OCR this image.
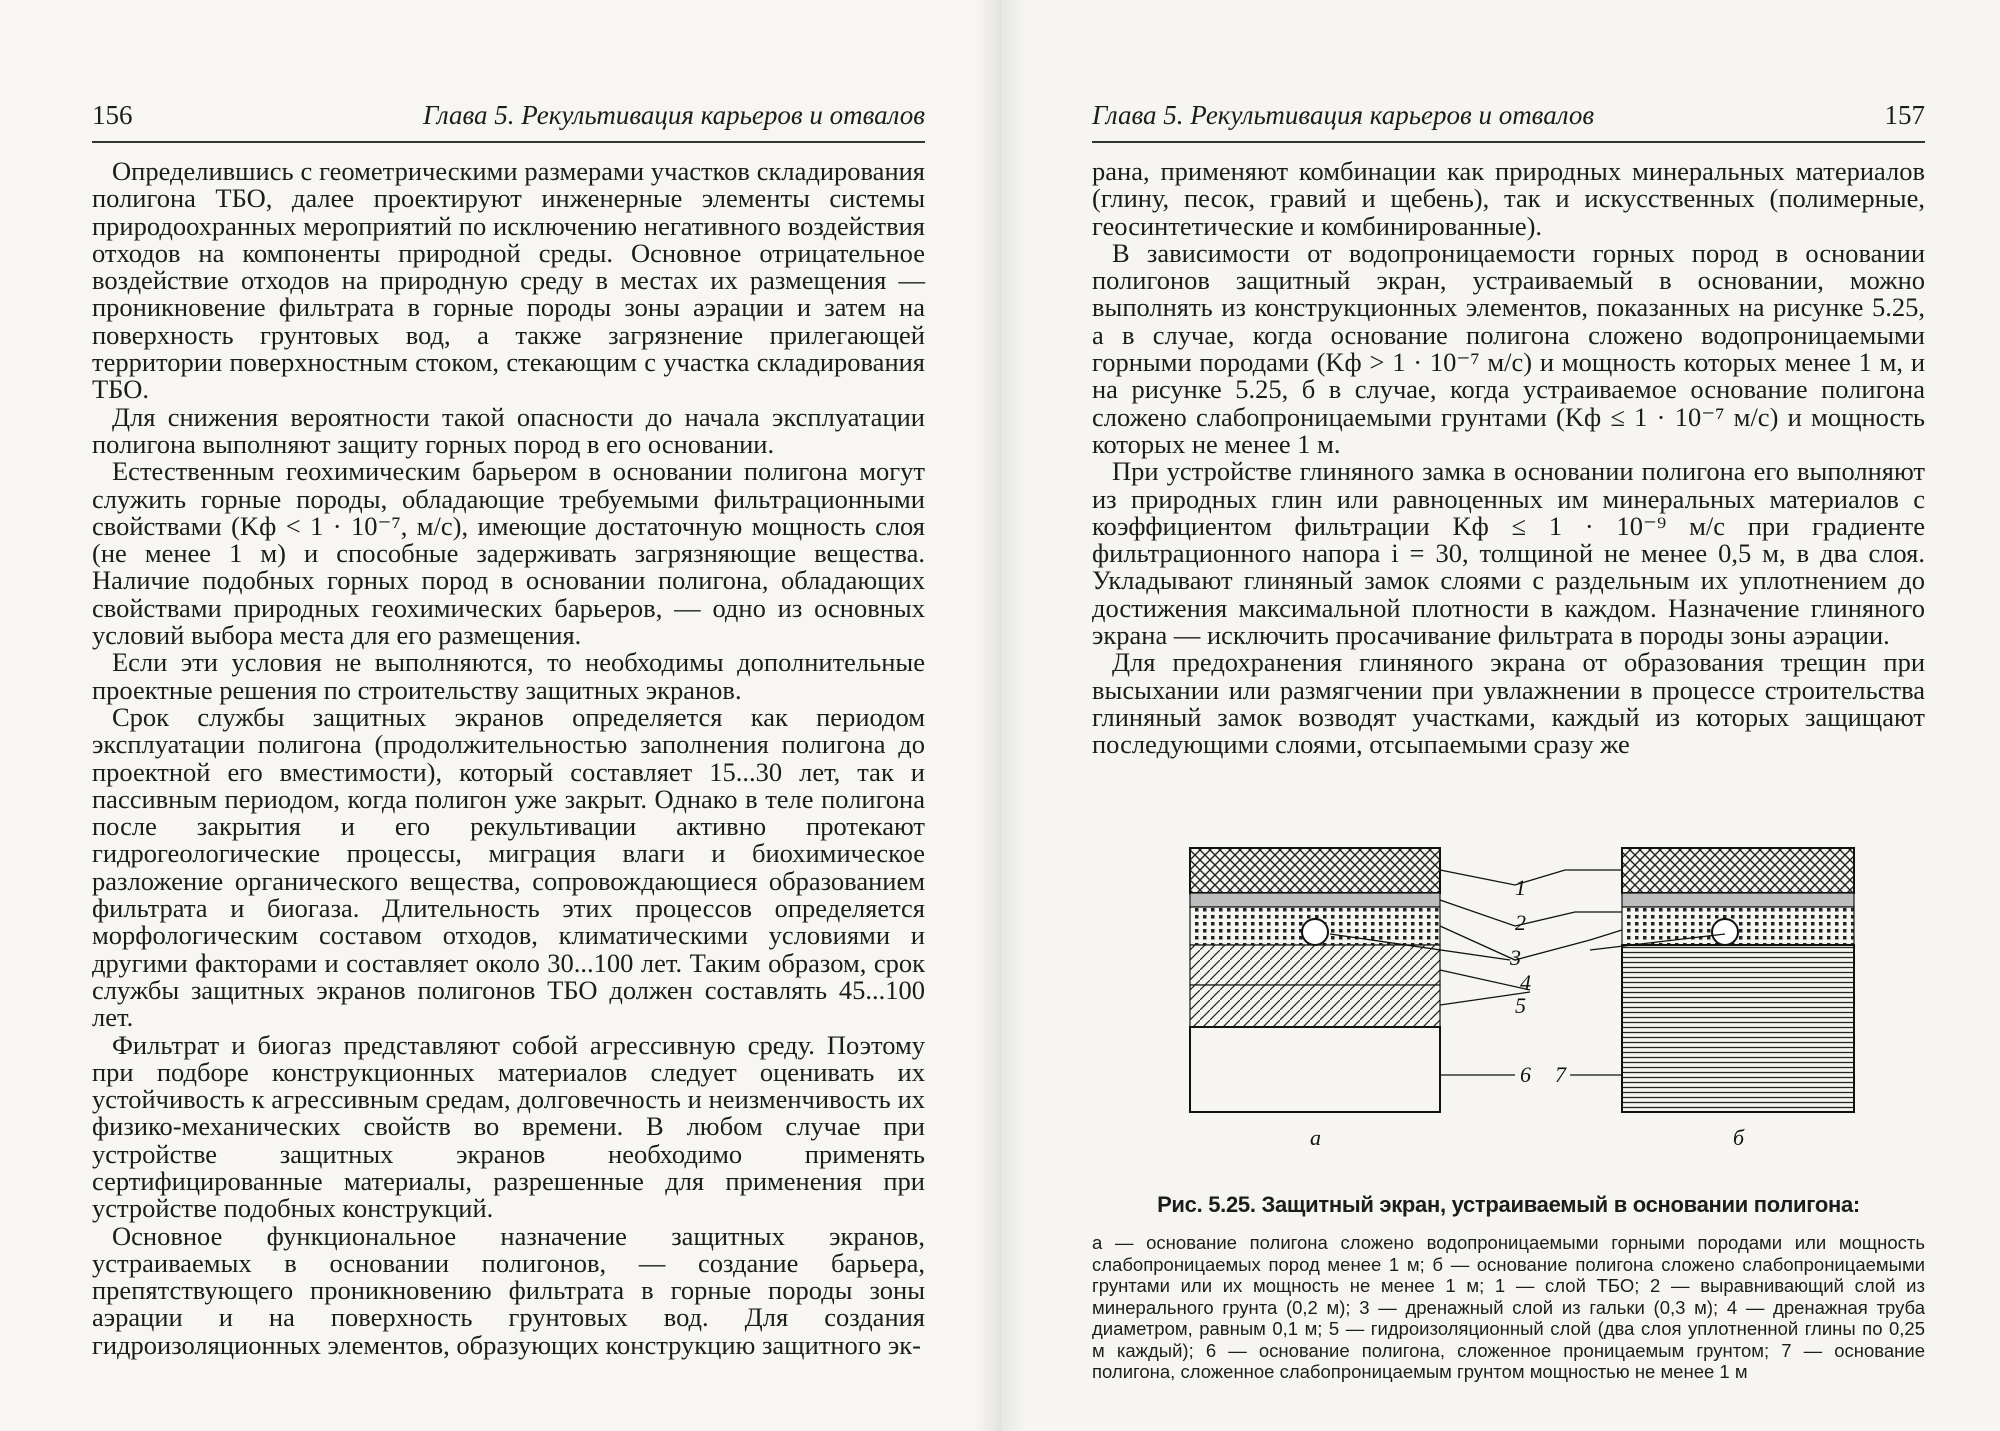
156	Глава 5. Рекультивация карьеров и отвалов

Определившись с геометрическими размерами участков складирования полигона ТБО, далее проектируют инженерные элементы системы природоохранных мероприятий по исключению негативного воздействия отходов на компоненты природной среды. Основное отрицательное воздействие отходов на природную среду в местах их размещения — проникновение фильтрата в горные породы зоны аэрации и затем на поверхность грунтовых вод, а также загрязнение прилегающей территории поверхностным стоком, стекающим с участка складирования ТБО.

Для снижения вероятности такой опасности до начала эксплуатации полигона выполняют защиту горных пород в его основании.

Естественным геохимическим барьером в основании полигона могут служить горные породы, обладающие требуемыми фильтрационными свойствами (Kф < 1 · 10⁻⁷, м/с), имеющие достаточную мощность слоя (не менее 1 м) и способные задерживать загрязняющие вещества. Наличие подобных горных пород в основании полигона, обладающих свойствами природных геохимических барьеров, — одно из основных условий выбора места для его размещения.

Если эти условия не выполняются, то необходимы дополнительные проектные решения по строительству защитных экранов.

Срок службы защитных экранов определяется как периодом эксплуатации полигона (продолжительностью заполнения полигона до проектной его вместимости), который составляет 15...30 лет, так и пассивным периодом, когда полигон уже закрыт. Однако в теле полигона после закрытия и его рекультивации активно протекают гидрогеологические процессы, миграция влаги и биохимическое разложение органического вещества, сопровождающиеся образованием фильтрата и биогаза. Длительность этих процессов определяется морфологическим составом отходов, климатическими условиями и другими факторами и составляет около 30...100 лет. Таким образом, срок службы защитных экранов полигонов ТБО должен составлять 45...100 лет.

Фильтрат и биогаз представляют собой агрессивную среду. Поэтому при подборе конструкционных материалов следует оценивать их устойчивость к агрессивным средам, долговечность и неизменчивость их физико-механических свойств во времени. В любом случае при устройстве защитных экранов необходимо применять сертифицированные материалы, разрешенные для применения при устройстве подобных конструкций.

Основное функциональное назначение защитных экранов, устраиваемых в основании полигонов, — создание барьера, препятствующего проникновению фильтрата в горные породы зоны аэрации и на поверхность грунтовых вод. Для создания гидроизоляционных элементов, образующих конструкцию защитного эк-

Глава 5. Рекультивация карьеров и отвалов	157

рана, применяют комбинации как природных минеральных материалов (глину, песок, гравий и щебень), так и искусственных (полимерные, геосинтетические и комбинированные).

В зависимости от водопроницаемости горных пород в основании полигонов защитный экран, устраиваемый в основании, можно выполнять из конструкционных элементов, показанных на рисунке 5.25, а в случае, когда основание полигона сложено водопроницаемыми горными породами (Kф > 1 · 10⁻⁷ м/с) и мощность которых менее 1 м, и на рисунке 5.25, б в случае, когда устраиваемое основание полигона сложено слабопроницаемыми грунтами (Kф ≤ 1 · 10⁻⁷ м/с) и мощность которых не менее 1 м.

При устройстве глиняного замка в основании полигона его выполняют из природных глин или равноценных им минеральных материалов с коэффициентом фильтрации Kф ≤ 1 · 10⁻⁹ м/с при градиенте фильтрационного напора i = 30, толщиной не менее 0,5 м, в два слоя. Укладывают глиняный замок слоями с раздельным их уплотнением до достижения максимальной плотности в каждом. Назначение глиняного экрана — исключить просачивание фильтрата в породы зоны аэрации.

Для предохранения глиняного экрана от образования трещин при высыхании или размягчении при увлажнении в процессе строительства глиняный замок возводят участками, каждый из которых защищают последующими слоями, отсыпаемыми сразу же

1
2
3
4
5
6 7
а	б
Рис. 5.25. Защитный экран, устраиваемый в основании полигона:
а — основание полигона сложено водопроницаемыми горными породами или мощность слабопроницаемых пород менее 1 м; б — основание полигона сложено слабопроницаемыми грунтами или их мощность не менее 1 м; 1 — слой ТБО; 2 — выравнивающий слой из минерального грунта (0,2 м); 3 — дренажный слой из гальки (0,3 м); 4 — дренажная труба диаметром, равным 0,1 м; 5 — гидроизоляционный слой (два слоя уплотненной глины по 0,25 м каждый); 6 — основание полигона, сложенное проницаемым грунтом; 7 — основание полигона, сложенное слабопроницаемым грунтом мощностью не менее 1 м
